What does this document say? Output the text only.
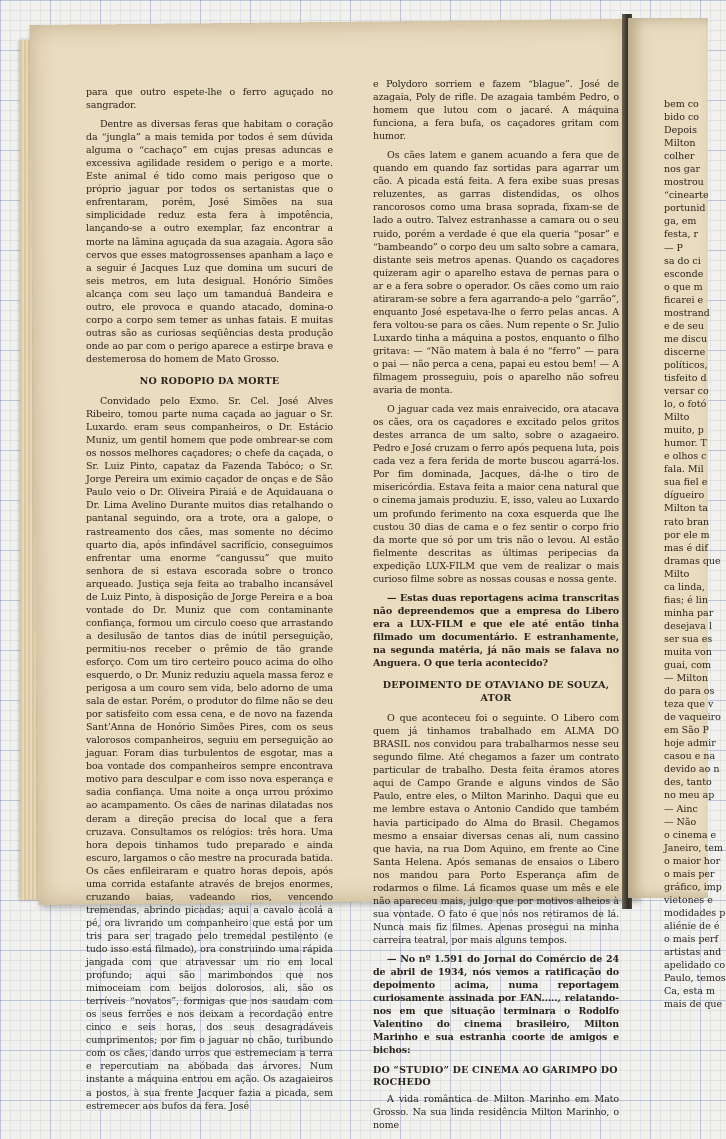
bem co
bido co
Depois
Milton
colher
nos gar
mostrou
“cinearte
portunid
ga, em
festa, r
— P
sa do ci
esconde
o que m
ficarei e
mostrand
e de seu
me discu
discerne
políticos,
tisfeito d
versar co
lo, o fotó
Milto
muito, p
humor. T
e olhos c
fala. Mil
sua fiel e
dígueiro
Milton ta
rato bran
por ele m
mas é dif
dramas que
Milto
ca linda,
fias; é lin
minha par
desejava l
ser sua es
muita von
guai, com
— Milton
do para os
teza que v
de vaqueiro
em São P
hoje admir
casou e na
devido ao n
des, tanto
no meu ap
— Ainc
— Não
o cinema e
Janeiro, tem
o maior hor
o mais per
gráfico, imp
vietones e
modidades p
aliénie de é
o mais perf
artistas and
apelidado co
Paulo, temos
Ca, esta m
mais de que

para que outro espete-lhe o ferro aguçado no sangrador.

Dentre as diversas feras que habitam o coração da “jungla” a mais temida por todos é sem dúvida alguma o “cachaço” em cujas presas aduncas e excessiva agilidade residem o perigo e a morte. Este animal é tido como mais perigoso que o próprio jaguar por todos os sertanistas que o enfrentaram, porém, José Simões na sua simplicidade reduz esta fera à impotência, lançando-se a outro exemplar, faz encontrar a morte na lâmina aguçada da sua azagaia. Agora são cervos que esses matogrossenses apanham a laço e a seguir é Jacques Luz que domina um sucuri de seis metros, em luta desigual. Honório Simões alcança com seu laço um tamanduá Bandeira e outro, ele provoca e quando atacado, domina-o corpo a corpo sem temer as unhas fatais. E muitas outras são as curiosas seqüências desta produção onde ao par com o perigo aparece a estirpe brava e destemerosa do homem de Mato Grosso.

NO RODOPIO DA MORTE

Convidado pelo Exmo. Sr. Cel. José Alves Ribeiro, tomou parte numa caçada ao jaguar o Sr. Luxardo. eram seus companheiros, o Dr. Estácio Muniz, um gentil homem que pode ombrear-se com os nossos melhores caçadores; o chefe da caçada, o Sr. Luiz Pinto, capataz da Fazenda Tabóco; o Sr. Jorge Pereira um eximio caçador de onças e de São Paulo veio o Dr. Oliveira Piraiá e de Aquidauana o Dr. Lima Avelino Durante muitos dias retalhando o pantanal seguindo, ora a trote, ora a galope, o rastreamento dos cães, mas somente no décimo quarto dia, após infindável sacrifício, conseguimos enfrentar uma enorme “cangussu” que muito senhora de si estava escorada sobre o tronco arqueado. Justiça seja feita ao trabalho incansável de Luiz Pinto, à disposição de Jorge Pereira e a boa vontade do Dr. Muniz que com contaminante confiança, formou um circulo coeso que arrastando a desilusão de tantos dias de inútil perseguição, permitiu-nos receber o prêmio de tão grande esforço. Com um tiro certeiro pouco acima do olho esquerdo, o Dr. Muniz reduziu aquela massa feroz e perigosa a um couro sem vida, belo adorno de uma sala de estar. Porém, o produtor do filme não se deu por satisfeito com essa cena, e de novo na fazenda Sant’Anna de Honório Simões Pires, com os seus valorosos companheiros, seguiu em perseguição ao jaguar. Foram dias turbulentos de esgotar, mas a boa vontade dos companheiros sempre encontrava motivo para desculpar e com isso nova esperança e sadia confiança. Uma noite a onça urrou próximo ao acampamento. Os cães de narinas dilatadas nos deram a direção precisa do local que a fera cruzava. Consultamos os relógios: três hora. Uma hora depois tinhamos tudo preparado e ainda escuro, largamos o cão mestre na procurada batida. Os cães enfileiraram e quatro horas depois, após uma corrida estafante através de brejos enormes, cruzando baias, vadeando rios, vencendo tremendas, abrindo picadas; aqui a cavalo acolá a pé, ora livrando um companheiro que está por um tris para ser tragado pelo tremedal pestilento (e tudo isso está filmado), ora construindo uma rápida jangada com que atravessar um rio em local profundo; aqui são marimbondos que nos mimoceiam com beijos dolorosos, ali, são os terríveis “novatos”, formigas que nos saudam com os seus ferrões e nos deixam a recordação entre cinco e seis horas, dos seus desagradáveis cumprimentos; por fim o jaguar no chão, turibundo com os cães, dando urros que estremeciam a terra e repercutiam na abóbada das árvores. Num instante a máquina entrou em ação. Os azagaieiros a postos, à sua frente Jacquer fazia a picada, sem estremecer aos bufos da fera. José

e Polydoro sorriem e fazem “blague”. José de azagaia, Poly de rifle. De azagaia também Pedro, o homem que lutou com o jacaré. A máquina funciona, a fera bufa, os caçadores gritam com humor.

Os cães latem e ganem acuando a fera que de quando em quando faz sortidas para agarrar um cão. A picada está feita. A fera exibe suas presas reluzentes, as garras distendidas, os olhos rancorosos como uma brasa soprada, fixam-se de lado a outro. Talvez estranhasse a camara ou o seu ruido, porém a verdade é que ela queria “posar” e “bambeando” o corpo deu um salto sobre a camara, distante seis metros apenas. Quando os caçadores quizeram agir o aparelho estava de pernas para o ar e a fera sobre o operador. Os cães como um raio atiraram-se sobre a fera agarrando-a pelo “garrão”, enquanto José espetava-lhe o ferro pelas ancas. A fera voltou-se para os cães. Num repente o Sr. Julio Luxardo tinha a máquina a postos, enquanto o filho gritava: — “Não matem à bala é no “ferro” — para o pai — não perca a cena, papai eu estou bem! — A filmagem prosseguiu, pois o aparelho não sofreu avaria de monta.

O jaguar cada vez mais enraivecido, ora atacava os cães, ora os caçadores e excitado pelos gritos destes arranca de um salto, sobre o azagaeiro. Pedro e José cruzam o ferro após pequena luta, pois cada vez a fera ferida de morte buscou agarrá-los. Por fim dominada, Jacques, dá-lhe o tiro de misericórdia. Estava feita a maior cena natural que o cinema jamais produziu. E, isso, valeu ao Luxardo um profundo ferimento na coxa esquerda que lhe custou 30 dias de cama e o fez sentir o corpo frio da morte que só por um tris não o levou. Al estão fielmente descritas as últimas peripecias da expedição LUX-FILM que vem de realizar o mais curioso filme sobre as nossas cousas e nossa gente.

— Estas duas reportagens acima transcritas não depreendemos que a empresa do Libero era a LUX-FILM e que ele até então tinha filmado um documentário. E estranhamente, na segunda matéria, já não mais se falava no Anguera. O que teria acontecido?

DEPOIMENTO DE OTAVIANO DE SOUZA, ATOR

O que aconteceu foi o seguinte. O Libero com quem já tinhamos trabalhado em ALMA DO BRASIL nos convidou para trabalharmos nesse seu segundo filme. Até chegamos a fazer um contrato particular de trabalho. Desta feita éramos atores aqui de Campo Grande e alguns vindos de São Paulo, entre eles, o Milton Marinho. Daqui que eu me lembre estava o Antonio Candido que também havia participado do Alma do Brasil. Chegamos mesmo a ensaiar diversas cenas ali, num cassino que havia, na rua Dom Aquino, em frente ao Cine Santa Helena. Após semanas de ensaios o Libero nos mandou para Porto Esperança afim de rodarmos o filme. Lá ficamos quase um mês e ele não apareceu mais, julgo que por motivos alheios à sua vontade. O fato é que nós nos retiramos de lá. Nunca mais fiz filmes. Apenas prosegui na minha carreira teatral, por mais alguns tempos.

— No nº 1.591 do Jornal do Comércio de 24 de abril de 1934, nós vemos a ratificação do depoimento acima, numa reportagem curiosamente assinada por FAN....., relatando-nos em que situação terminara o Rodolfo Valentino do cinema brasileiro, Milton Marinho e sua estranha coorte de amigos e bichos:

DO “STUDIO” DE CINEMA AO GARIMPO DO ROCHEDO

A vida romântica de Milton Marinho em Mato Grosso. Na sua linda residência Milton Marinho, o nome
